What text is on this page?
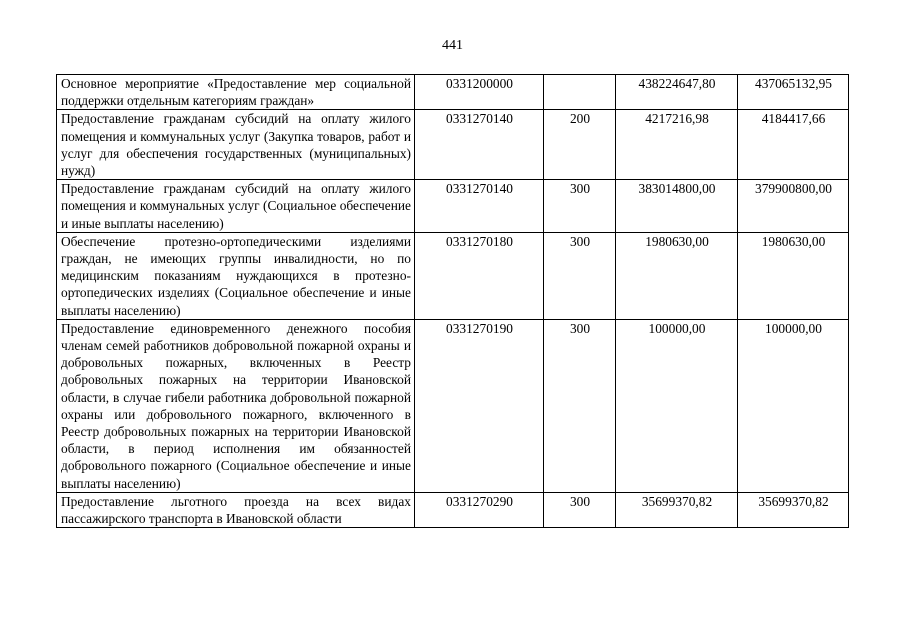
441
Основное мероприятие «Предоставление мер социальной поддержки отдельным категориям граждан»	0331200000		438224647,80	437065132,95
Предоставление гражданам субсидий на оплату жилого помещения и коммунальных услуг (Закупка товаров, работ и услуг для обеспечения государственных (муниципальных) нужд)	0331270140	200	4217216,98	4184417,66
Предоставление гражданам субсидий на оплату жилого помещения и коммунальных услуг (Социальное обеспечение и иные выплаты населению)	0331270140	300	383014800,00	379900800,00
Обеспечение протезно-ортопедическими изделиями граждан, не имеющих группы инвалидности, но по медицинским показаниям нуждающихся в протезно-ортопедических изделиях (Социальное обеспечение и иные выплаты населению)	0331270180	300	1980630,00	1980630,00
Предоставление единовременного денежного пособия членам семей работников добровольной пожарной охраны и добровольных пожарных, включенных в Реестр добровольных пожарных на территории Ивановской области, в случае гибели работника добровольной пожарной охраны или добровольного пожарного, включенного в Реестр добровольных пожарных на территории Ивановской области, в период исполнения им обязанностей добровольного пожарного (Социальное обеспечение и иные выплаты населению)	0331270190	300	100000,00	100000,00
Предоставление льготного проезда на всех видах пассажирского транспорта в Ивановской области	0331270290	300	35699370,82	35699370,82
